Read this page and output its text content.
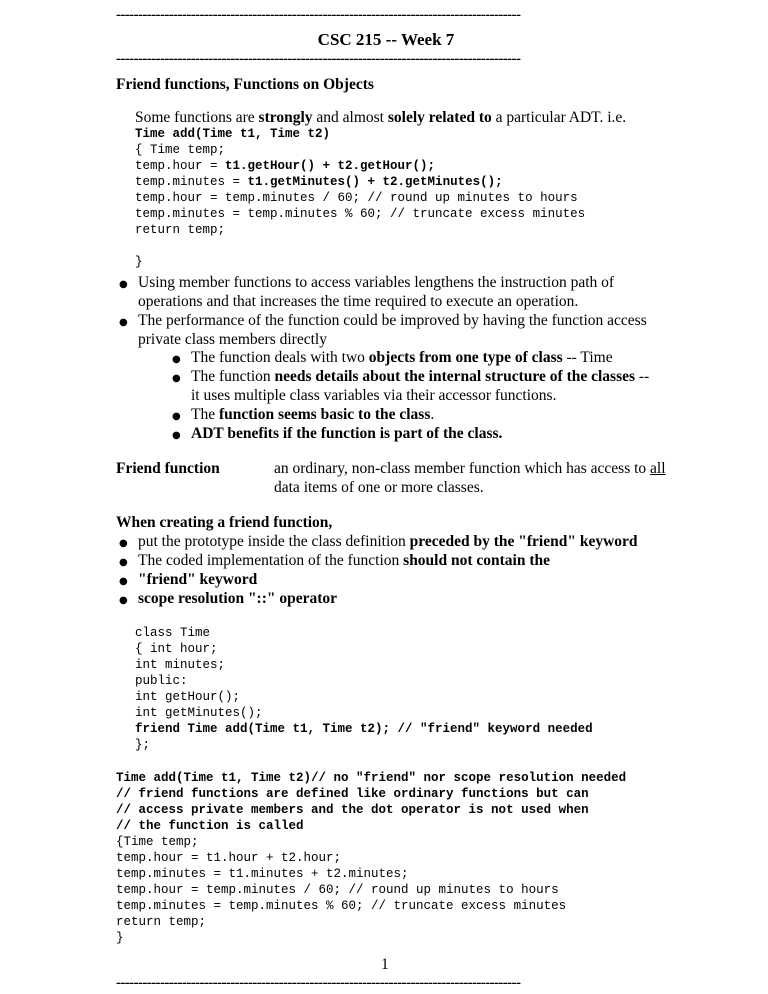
--------------------------------------------------------------------------------------------
CSC 215 -- Week 7
--------------------------------------------------------------------------------------------
Friend functions, Functions on Objects
Some functions are strongly and almost solely related to a particular ADT. i.e.
Time add(Time t1, Time t2)
{ Time temp;
temp.hour = t1.getHour() + t2.getHour();
temp.minutes = t1.getMinutes() + t2.getMinutes();
temp.hour = temp.minutes / 60; // round up minutes to hours
temp.minutes = temp.minutes % 60; // truncate excess minutes
return temp;
}
● Using member functions to access variables lengthens the instruction path of
operations and that increases the time required to execute an operation.
● The performance of the function could be improved by having the function access
private class members directly
● The function deals with two objects from one type of class -- Time
● The function needs details about the internal structure of the classes --
it uses multiple class variables via their accessor functions.
● The function seems basic to the class.
● ADT benefits if the function is part of the class.
Friend function	an ordinary, non-class member function which has access to all
data items of one or more classes.
When creating a friend function,
● put the prototype inside the class definition preceded by the "friend" keyword
● The coded implementation of the function should not contain the
●
● "friend" keyword
scope resolution "::" operator
class Time
{ int hour;
int minutes;
public:
int getHour();
int getMinutes();
friend Time add(Time t1, Time t2); // "friend" keyword needed
};
Time add(Time t1, Time t2)// no "friend" nor scope resolution needed
// friend functions are defined like ordinary functions but can
// access private members and the dot operator is not used when
// the function is called
{Time temp;
temp.hour = t1.hour + t2.hour;
temp.minutes = t1.minutes + t2.minutes;
temp.hour = temp.minutes / 60; // round up minutes to hours
temp.minutes = temp.minutes % 60; // truncate excess minutes
return temp;
}
1
--------------------------------------------------------------------------------------------
